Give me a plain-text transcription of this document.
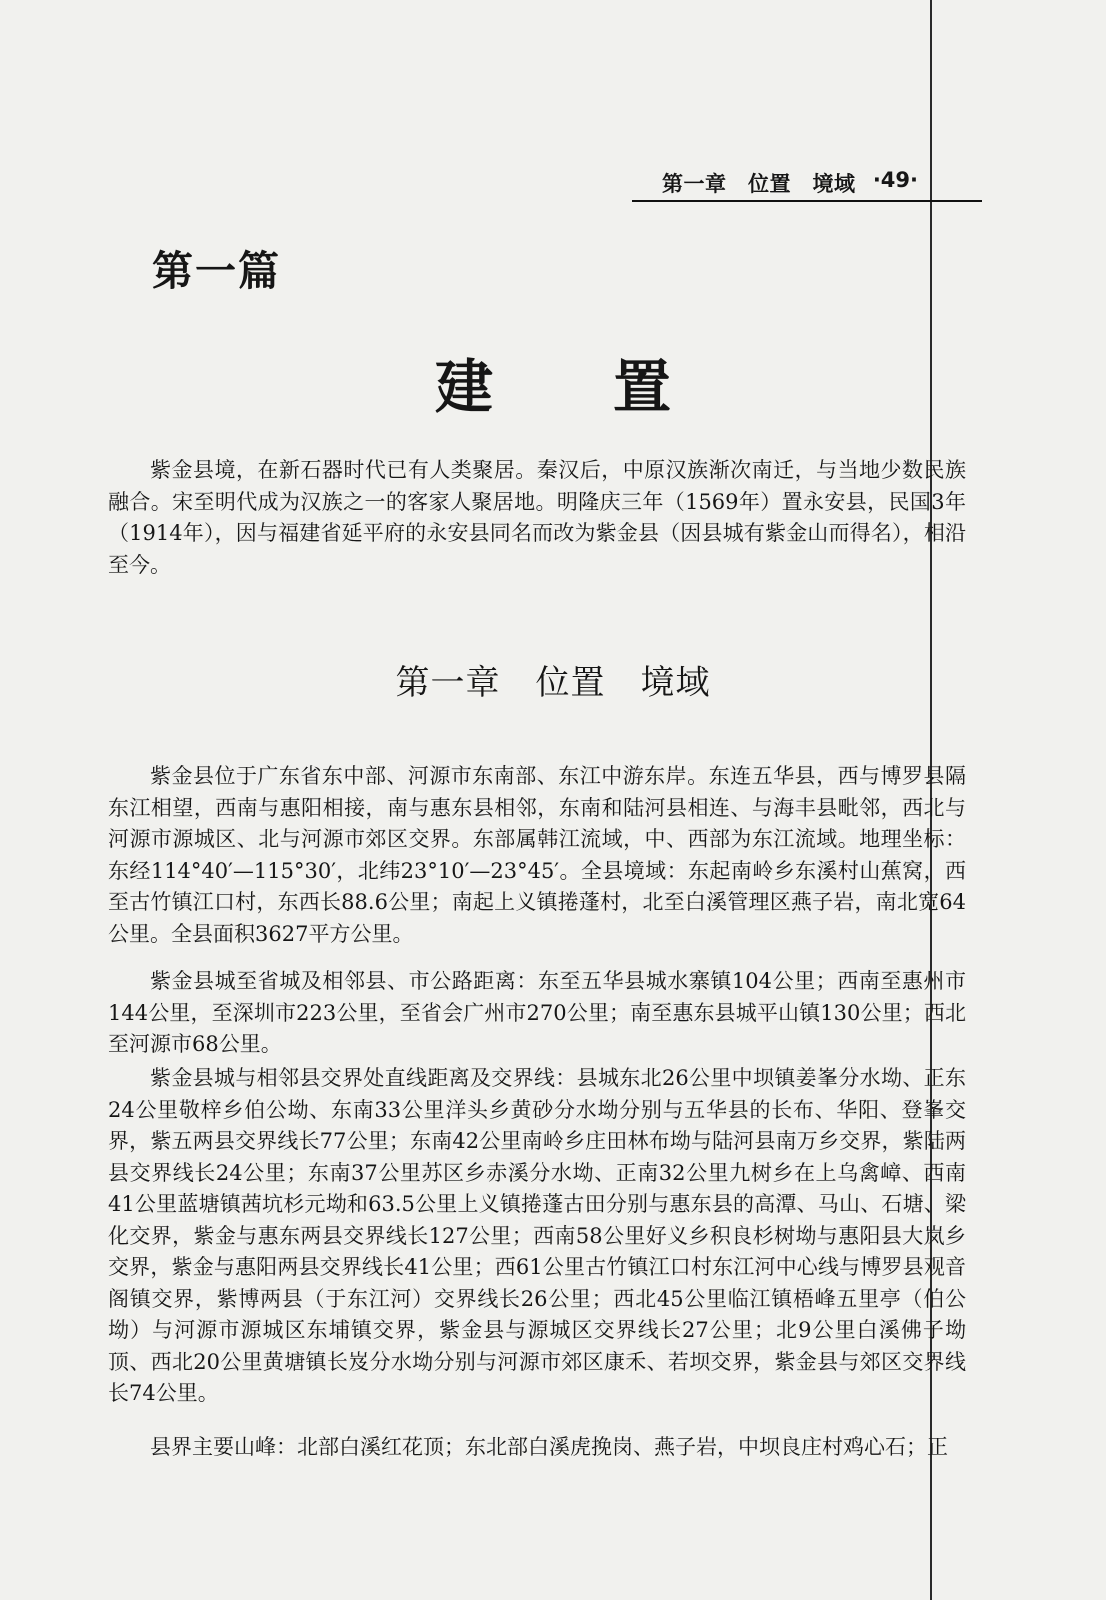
第一章　位置　境域 ·49·
第一篇
建 置

紫金县境，在新石器时代已有人类聚居。秦汉后，中原汉族渐次南迁，与当地少数民族融合。宋至明代成为汉族之一的客家人聚居地。明隆庆三年（1569年）置永安县，民国3年（1914年），因与福建省延平府的永安县同名而改为紫金县（因县城有紫金山而得名），相沿至今。

第一章　位置　境域

紫金县位于广东省东中部、河源市东南部、东江中游东岸。东连五华县，西与博罗县隔东江相望，西南与惠阳相接，南与惠东县相邻，东南和陆河县相连、与海丰县毗邻，西北与河源市源城区、北与河源市郊区交界。东部属韩江流域，中、西部为东江流域。地理坐标：东经114°40′—115°30′，北纬23°10′—23°45′。全县境域：东起南岭乡东溪村山蕉窝，西至古竹镇江口村，东西长88.6公里；南起上义镇捲蓬村，北至白溪管理区燕子岩，南北宽64公里。全县面积3627平方公里。

紫金县城至省城及相邻县、市公路距离：东至五华县城水寨镇104公里；西南至惠州市144公里，至深圳市223公里，至省会广州市270公里；南至惠东县城平山镇130公里；西北至河源市68公里。

紫金县城与相邻县交界处直线距离及交界线：县城东北26公里中坝镇姜峯分水坳、正东24公里敬梓乡伯公坳、东南33公里洋头乡黄砂分水坳分别与五华县的长布、华阳、登峯交界，紫五两县交界线长77公里；东南42公里南岭乡庄田林布坳与陆河县南万乡交界，紫陆两县交界线长24公里；东南37公里苏区乡赤溪分水坳、正南32公里九树乡在上乌禽嶂、西南41公里蓝塘镇茜坑杉元坳和63.5公里上义镇捲蓬古田分别与惠东县的高潭、马山、石塘、梁化交界，紫金与惠东两县交界线长127公里；西南58公里好义乡积良杉树坳与惠阳县大岚乡交界，紫金与惠阳两县交界线长41公里；西61公里古竹镇江口村东江河中心线与博罗县观音阁镇交界，紫博两县（于东江河）交界线长26公里；西北45公里临江镇梧峰五里亭（伯公坳）与河源市源城区东埔镇交界，紫金县与源城区交界线长27公里；北9公里白溪佛子坳顶、西北20公里黄塘镇长岌分水坳分别与河源市郊区康禾、若坝交界，紫金县与郊区交界线长74公里。

县界主要山峰：北部白溪红花顶；东北部白溪虎挽岗、燕子岩，中坝良庄村鸡心石；正
